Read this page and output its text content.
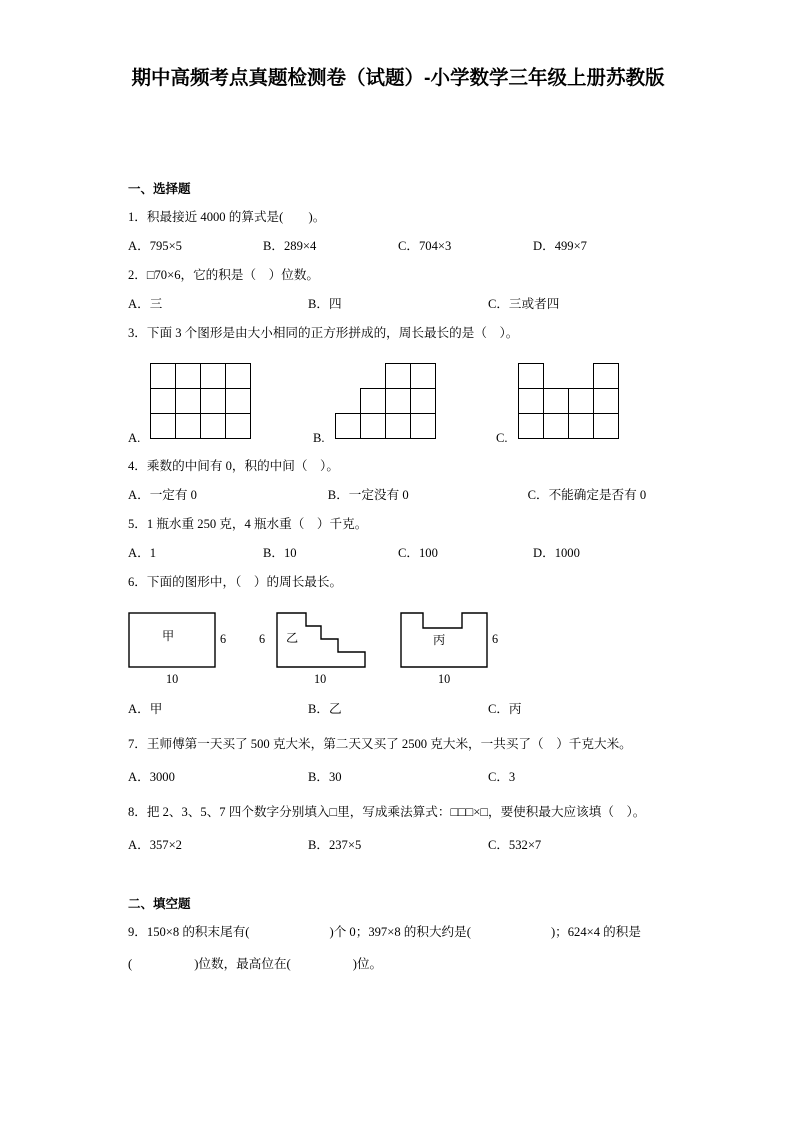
期中高频考点真题检测卷（试题）-小学数学三年级上册苏教版
一、选择题
1．积最接近 4000 的算式是(　　)。
A．795×5	B．289×4	C．704×3	D．499×7
2．□70×6，它的积是（　）位数。
A．三	B．四	C．三或者四
3．下面 3 个图形是由大小相同的正方形拼成的，周长最长的是（　）。
A.	B.	C.
4．乘数的中间有 0，积的中间（　）。
A．一定有 0	B．一定没有 0	C．不能确定是否有 0
5．1 瓶水重 250 克，4 瓶水重（　）千克。
A．1	B．10	C．100	D．1000
6．下面的图形中，（　）的周长最长。
甲	6
10
乙
6
10
丙	6
10
A．甲	B．乙	C．丙
7．王师傅第一天买了 500 克大米，第二天又买了 2500 克大米，一共买了（　）千克大米。
A．3000	B．30	C．3
8．把 2、3、5、7 四个数字分别填入□里，写成乘法算式：□□□×□，要使积最大应该填（　）。
A．357×2	B．237×5	C．532×7
二、填空题
9．150×8 的积末尾有(	)个 0；397×8 的积大约是(	)；624×4 的积是
(	)位数，最高位在(	)位。
